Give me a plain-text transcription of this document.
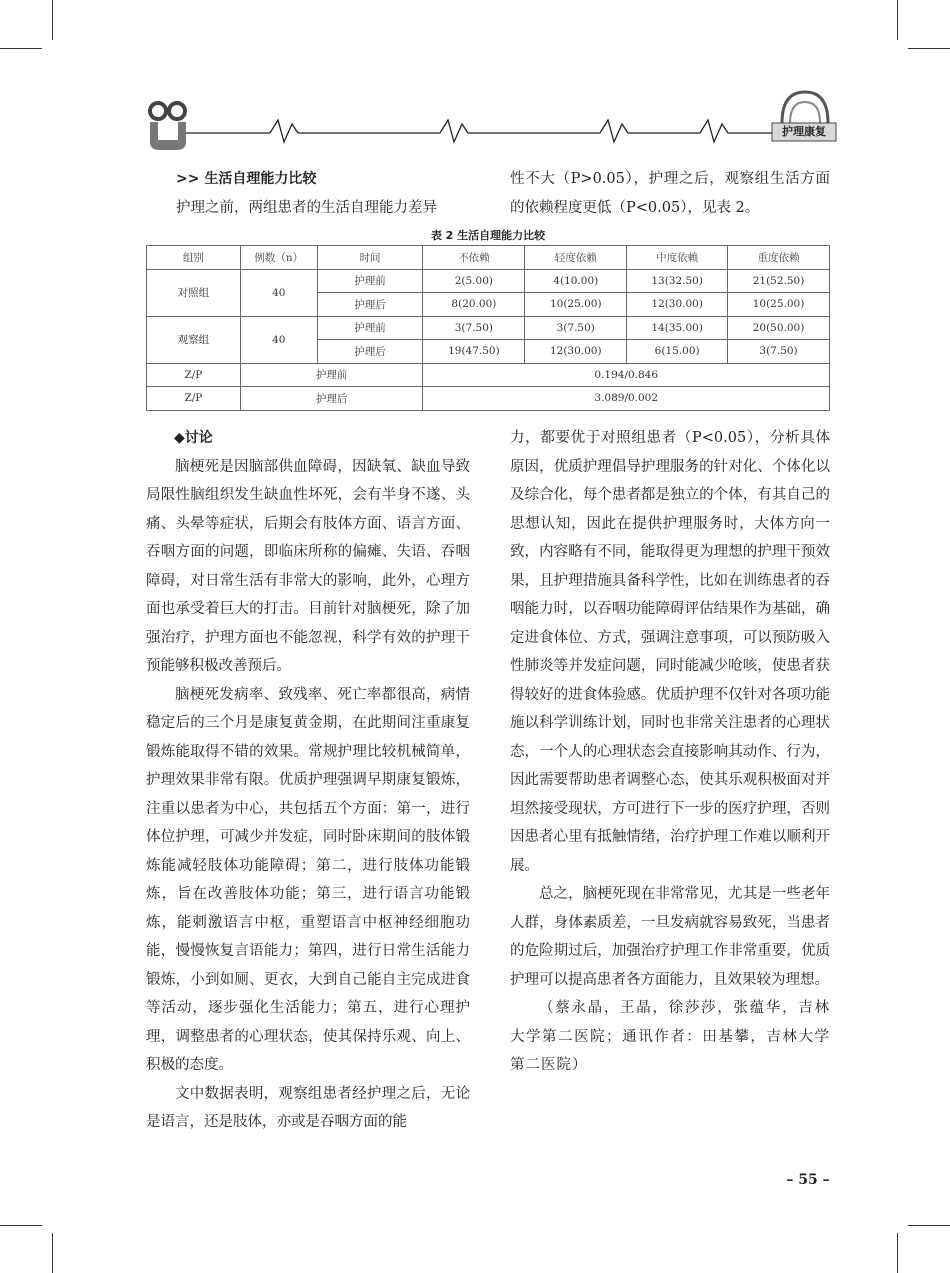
护理康复

>> 生活自理能力比较

护理之前，两组患者的生活自理能力差异

性不大（P>0.05），护理之后，观察组生活方面的依赖程度更低（P<0.05），见表 2。

表 2 生活自理能力比较
组别	例数（n）	时间	不依赖	轻度依赖	中度依赖	重度依赖
对照组	40	护理前	2(5.00)	4(10.00)	13(32.50)	21(52.50)
		护理后	8(20.00)	10(25.00)	12(30.00)	10(25.00)
观察组	40	护理前	3(7.50)	3(7.50)	14(35.00)	20(50.00)
		护理后	19(47.50)	12(30.00)	6(15.00)	3(7.50)
Z/P	护理前		0.194/0.846			
Z/P	护理后		3.089/0.002			

◆讨论

脑梗死是因脑部供血障碍，因缺氧、缺血导致局限性脑组织发生缺血性坏死，会有半身不遂、头痛、头晕等症状，后期会有肢体方面、语言方面、吞咽方面的问题，即临床所称的偏瘫、失语、吞咽障碍，对日常生活有非常大的影响，此外，心理方面也承受着巨大的打击。目前针对脑梗死，除了加强治疗，护理方面也不能忽视，科学有效的护理干预能够积极改善预后。

脑梗死发病率、致残率、死亡率都很高，病情稳定后的三个月是康复黄金期，在此期间注重康复锻炼能取得不错的效果。常规护理比较机械简单，护理效果非常有限。优质护理强调早期康复锻炼，注重以患者为中心，共包括五个方面：第一，进行体位护理，可减少并发症，同时卧床期间的肢体锻炼能减轻肢体功能障碍；第二，进行肢体功能锻炼，旨在改善肢体功能；第三，进行语言功能锻炼，能刺激语言中枢，重塑语言中枢神经细胞功能，慢慢恢复言语能力；第四，进行日常生活能力锻炼，小到如厕、更衣，大到自己能自主完成进食等活动，逐步强化生活能力；第五，进行心理护理，调整患者的心理状态，使其保持乐观、向上、积极的态度。

文中数据表明，观察组患者经护理之后，无论是语言，还是肢体，亦或是吞咽方面的能

力，都要优于对照组患者（P<0.05），分析具体原因，优质护理倡导护理服务的针对化、个体化以及综合化，每个患者都是独立的个体，有其自己的思想认知，因此在提供护理服务时，大体方向一致，内容略有不同，能取得更为理想的护理干预效果，且护理措施具备科学性，比如在训练患者的吞咽能力时，以吞咽功能障碍评估结果作为基础，确定进食体位、方式，强调注意事项，可以预防吸入性肺炎等并发症问题，同时能减少呛咳，使患者获得较好的进食体验感。优质护理不仅针对各项功能施以科学训练计划，同时也非常关注患者的心理状态，一个人的心理状态会直接影响其动作、行为，因此需要帮助患者调整心态，使其乐观积极面对并坦然接受现状，方可进行下一步的医疗护理，否则因患者心里有抵触情绪，治疗护理工作难以顺利开展。

总之，脑梗死现在非常常见，尤其是一些老年人群，身体素质差，一旦发病就容易致死，当患者的危险期过后，加强治疗护理工作非常重要，优质护理可以提高患者各方面能力，且效果较为理想。

（蔡永晶，王晶，徐莎莎，张蕴华，吉林大学第二医院；通讯作者：田基攀，吉林大学第二医院）

– 55 –
